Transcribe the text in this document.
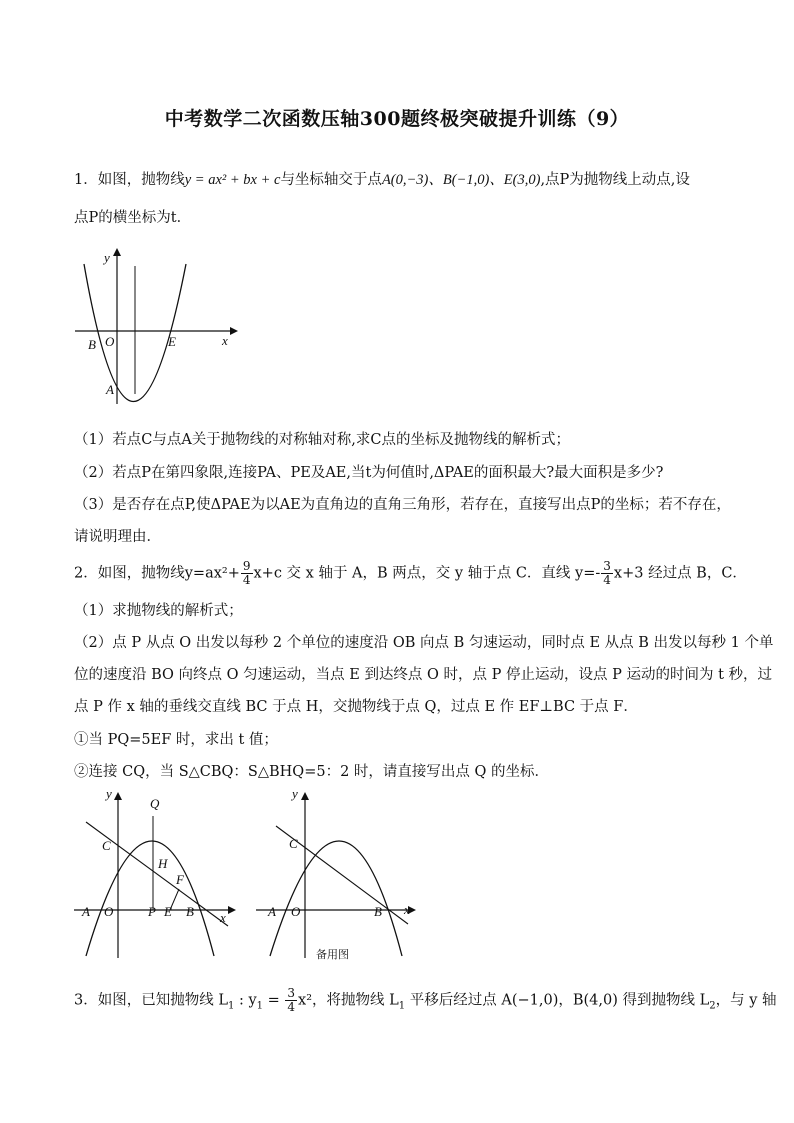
中考数学二次函数压轴300题终极突破提升训练（9）
1．如图，抛物线y = ax² + bx + c与坐标轴交于点A(0,−3)、B(−1,0)、E(3,0),点P为抛物线上动点,设
点P的横坐标为t．
y
x
B O	E
A
（1）若点C与点A关于抛物线的对称轴对称,求C点的坐标及抛物线的解析式；
（2）若点P在第四象限,连接PA、PE及AE,当t为何值时,ΔPAE的面积最大?最大面积是多少?
（3）是否存在点P,使ΔPAE为以AE为直角边的直角三角形，若存在，直接写出点P的坐标；若不存在，
请说明理由．
2．如图，抛物线$y=ax^2+ \frac{9}{4} x+c$ 交 x 轴于 A，B 两点，交 y 轴于点 C．直线 $y=- \frac{3}{4} x+3$ 经过点 B，C．
（1）求抛物线的解析式；
（2）点 P 从点 O 出发以每秒 2 个单位的速度沿 OB 向点 B 匀速运动，同时点 E 从点 B 出发以每秒 1 个单
位的速度沿 BO 向终点 O 匀速运动，当点 E 到达终点 O 时，点 P 停止运动，设点 P 运动的时间为 t 秒，过
点 P 作 x 轴的垂线交直线 BC 于点 H，交抛物线于点 Q，过点 E 作 EF⊥BC 于点 F．
①当 PQ=5EF 时，求出 t 值；
②连接 CQ，当 S△CBQ：S△BHQ=5：2 时，请直接写出点 Q 的坐标．
y
x
Q
C
H
F
A O	P E B
y
x
C
A O	B
备用图
3．如图，已知抛物线 $L_1$ : $y_1 = \frac{3}{4} x^2$，将抛物线 $L_1$ 平移后经过点 A(−1,0)，B(4,0) 得到抛物线 $L_2$，与 y 轴
